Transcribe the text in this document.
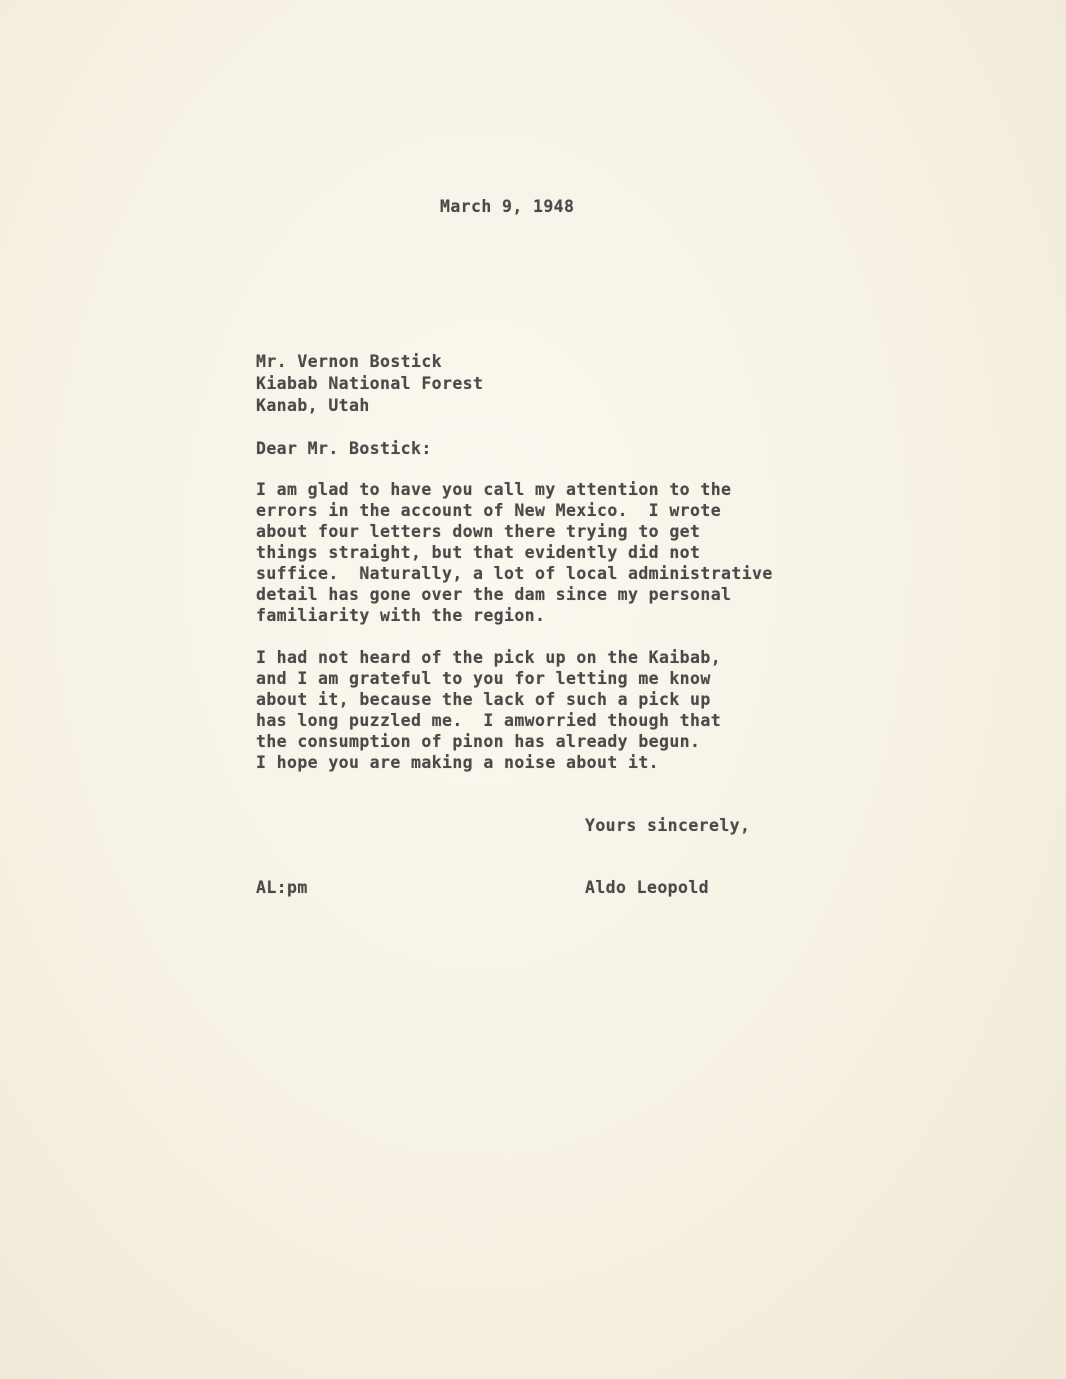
March 9, 1948
Mr. Vernon Bostick
Kiabab National Forest
Kanab, Utah
Dear Mr. Bostick:
I am glad to have you call my attention to the
errors in the account of New Mexico.  I wrote
about four letters down there trying to get
things straight, but that evidently did not
suffice.  Naturally, a lot of local administrative
detail has gone over the dam since my personal
familiarity with the region.
I had not heard of the pick up on the Kaibab,
and I am grateful to you for letting me know
about it, because the lack of such a pick up
has long puzzled me.  I amworried though that
the consumption of pinon has already begun.
I hope you are making a noise about it.
Yours sincerely,
AL:pm	Aldo Leopold
